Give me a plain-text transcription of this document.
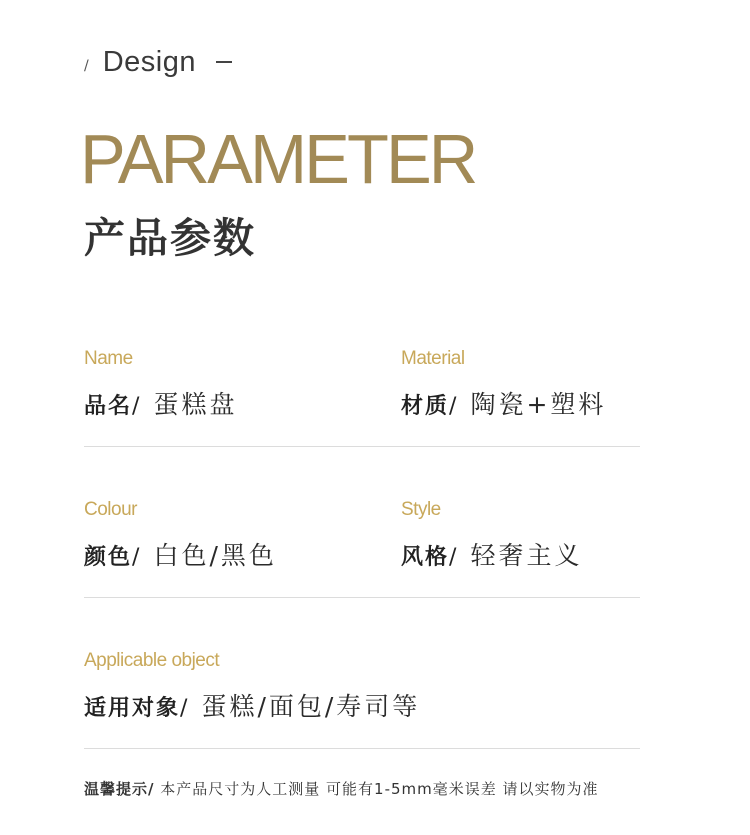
/ Design
PARAMETER
产品参数
Name
品名/ 蛋糕盘
Material
材质/ 陶瓷+塑料
Colour
颜色/ 白色/黑色
Style
风格/ 轻奢主义
Applicable object
适用对象/ 蛋糕/面包/寿司等
温馨提示/ 本产品尺寸为人工测量 可能有1-5mm毫米误差 请以实物为准
